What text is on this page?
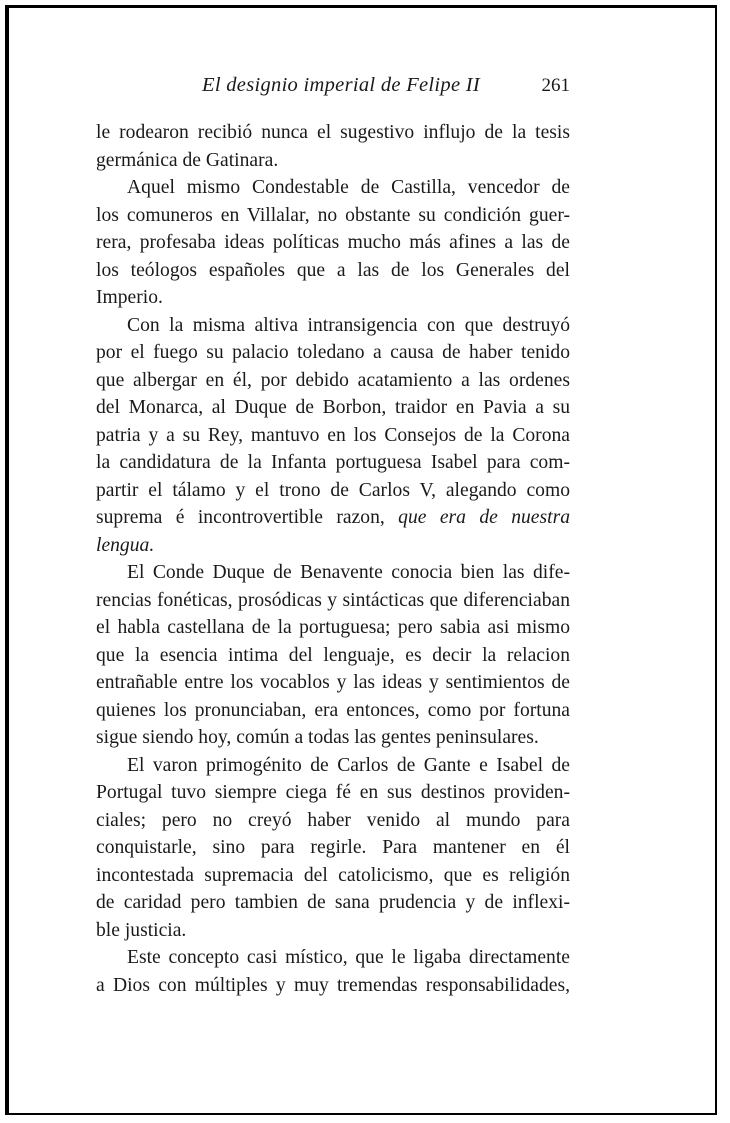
El designio imperial de Felipe II	261
le rodearon recibió nunca el sugestivo influjo de la tesis
germánica de Gatinara.
Aquel mismo Condestable de Castilla, vencedor de
los comuneros en Villalar, no obstante su condición guer-
rera, profesaba ideas políticas mucho más afines a las de
los teólogos españoles que a las de los Generales del
Imperio.
Con la misma altiva intransigencia con que destruyó
por el fuego su palacio toledano a causa de haber tenido
que albergar en él, por debido acatamiento a las ordenes
del Monarca, al Duque de Borbon, traidor en Pavia a su
patria y a su Rey, mantuvo en los Consejos de la Corona
la candidatura de la Infanta portuguesa Isabel para com-
partir el tálamo y el trono de Carlos V, alegando como
suprema é incontrovertible razon, que era de nuestra
lengua.
El Conde Duque de Benavente conocia bien las dife-
rencias fonéticas, prosódicas y sintácticas que diferenciaban
el habla castellana de la portuguesa; pero sabia asi mismo
que la esencia intima del lenguaje, es decir la relacion
entrañable entre los vocablos y las ideas y sentimientos de
quienes los pronunciaban, era entonces, como por fortuna
sigue siendo hoy, común a todas las gentes peninsulares.
El varon primogénito de Carlos de Gante e Isabel de
Portugal tuvo siempre ciega fé en sus destinos providen-
ciales; pero no creyó haber venido al mundo para
conquistarle, sino para regirle. Para mantener en él
incontestada supremacia del catolicismo, que es religión
de caridad pero tambien de sana prudencia y de inflexi-
ble justicia.
Este concepto casi místico, que le ligaba directamente
a Dios con múltiples y muy tremendas responsabilidades,
